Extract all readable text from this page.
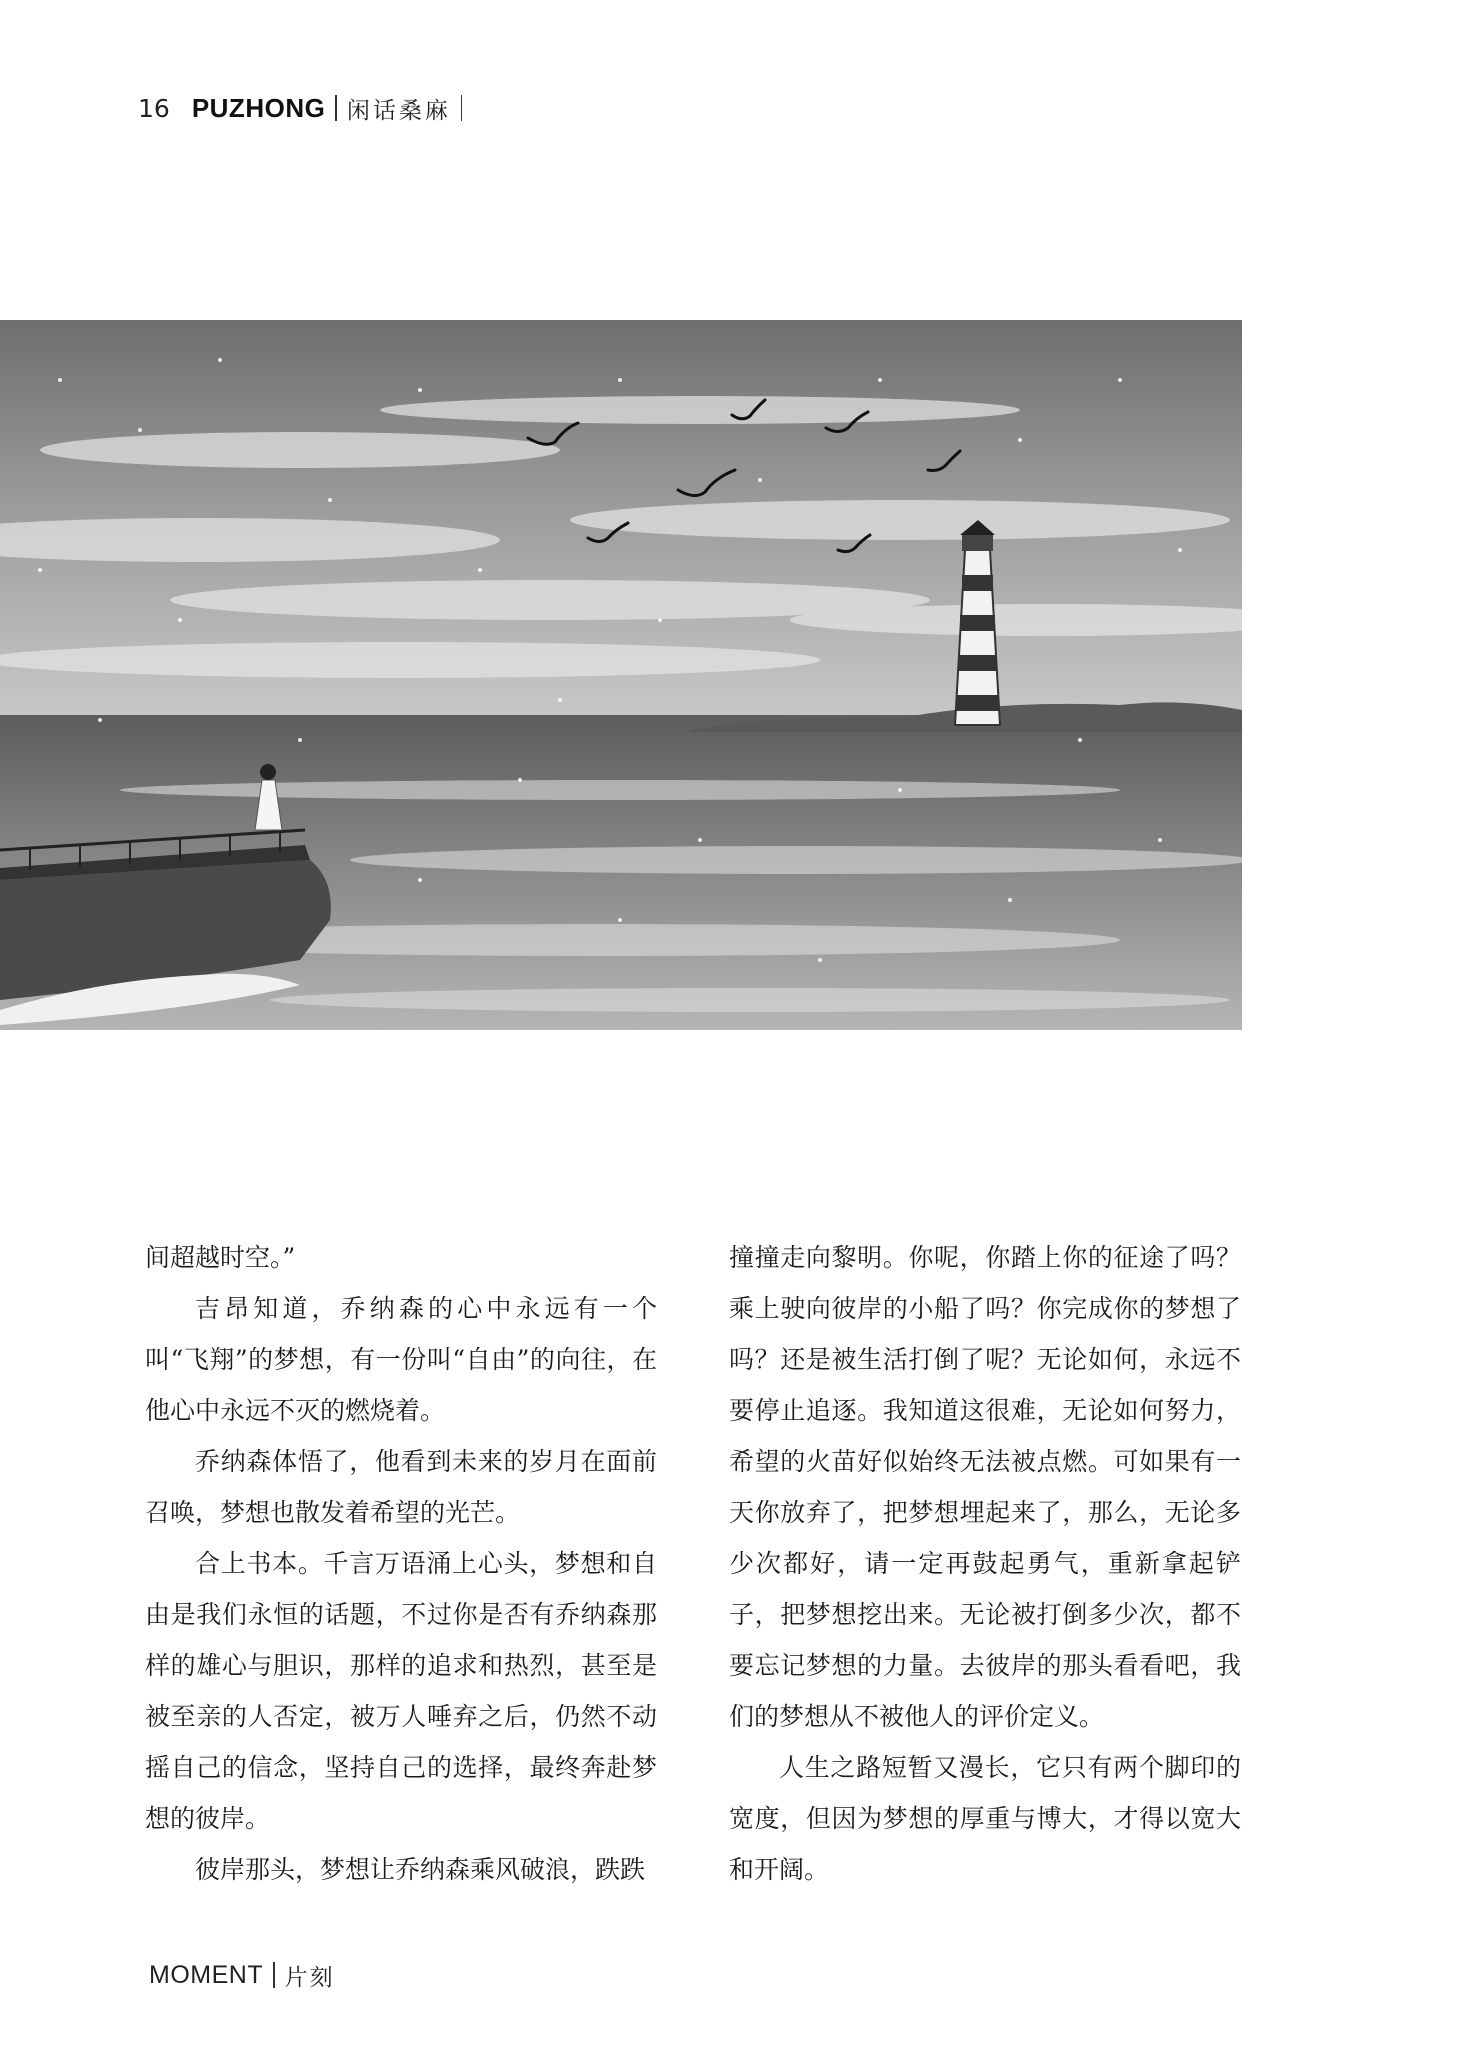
16 PUZHONG 闲话桑麻

间超越时空。”

吉昂知道，乔纳森的心中永远有一个叫“飞翔”的梦想，有一份叫“自由”的向往，在他心中永远不灭的燃烧着。

乔纳森体悟了，他看到未来的岁月在面前召唤，梦想也散发着希望的光芒。

合上书本。千言万语涌上心头，梦想和自由是我们永恒的话题，不过你是否有乔纳森那样的雄心与胆识，那样的追求和热烈，甚至是被至亲的人否定，被万人唾弃之后，仍然不动摇自己的信念，坚持自己的选择，最终奔赴梦想的彼岸。

彼岸那头，梦想让乔纳森乘风破浪，跌跌

撞撞走向黎明。你呢，你踏上你的征途了吗？乘上驶向彼岸的小船了吗？你完成你的梦想了吗？还是被生活打倒了呢？无论如何，永远不要停止追逐。我知道这很难，无论如何努力，希望的火苗好似始终无法被点燃。可如果有一天你放弃了，把梦想埋起来了，那么，无论多少次都好，请一定再鼓起勇气，重新拿起铲子，把梦想挖出来。无论被打倒多少次，都不要忘记梦想的力量。去彼岸的那头看看吧，我们的梦想从不被他人的评价定义。

人生之路短暂又漫长，它只有两个脚印的宽度，但因为梦想的厚重与博大，才得以宽大和开阔。

MOMENT 片刻
